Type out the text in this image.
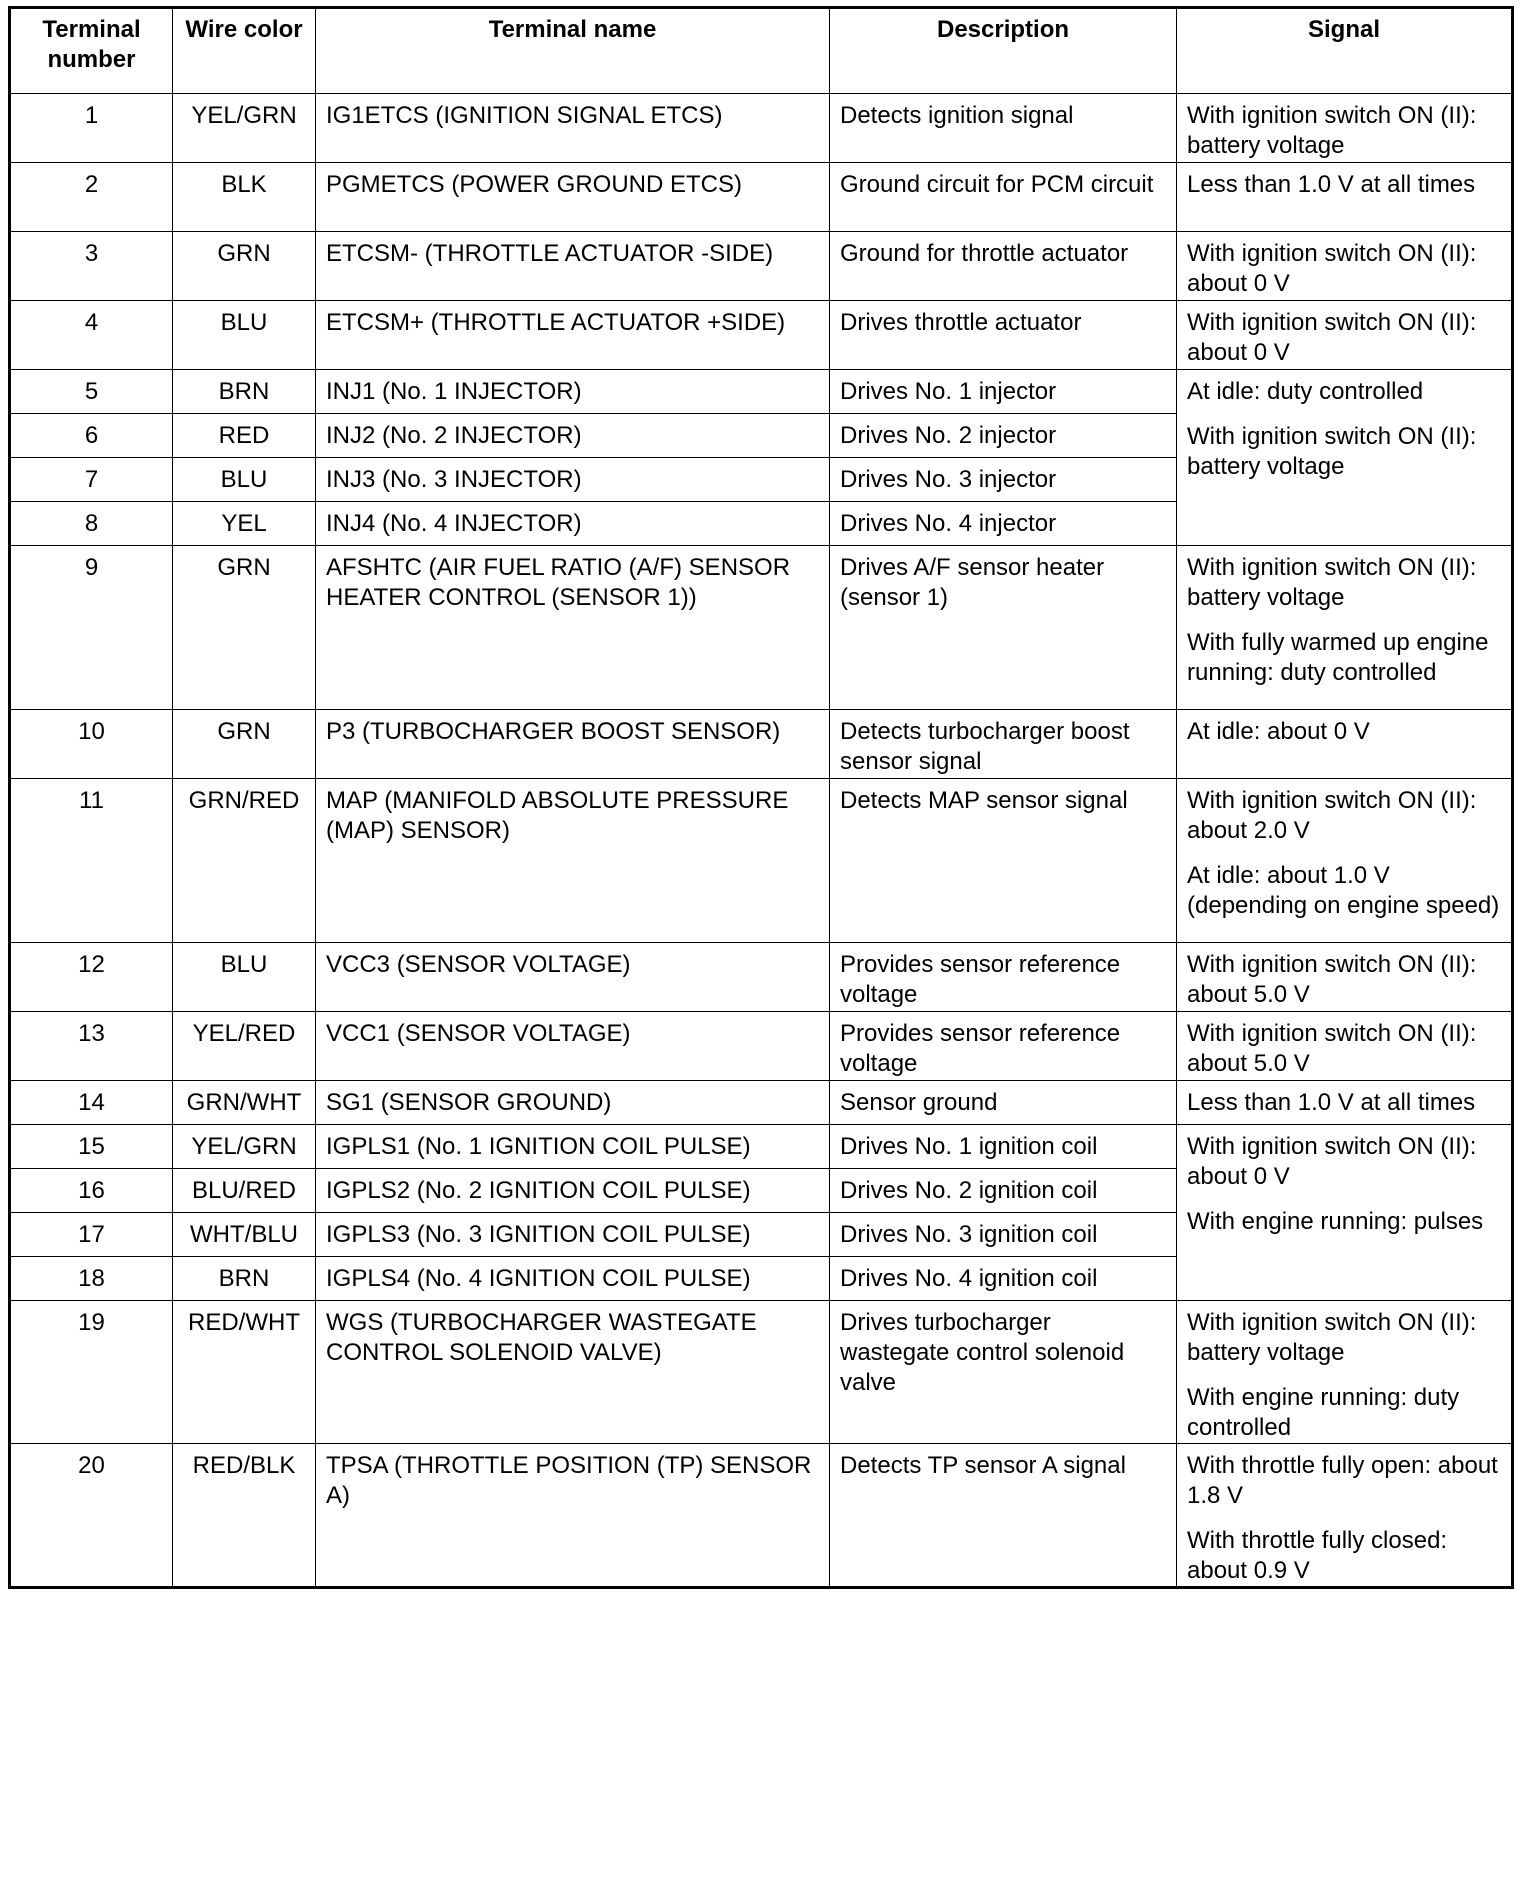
Terminal number	Wire color	Terminal name	Description	Signal
1	YEL/GRN	IG1ETCS (IGNITION SIGNAL ETCS)	Detects ignition signal	With ignition switch ON (II): battery voltage

2	BLK	PGMETCS (POWER GROUND ETCS)	Ground circuit for PCM circuit	Less than 1.0 V at all times

3	GRN	ETCSM- (THROTTLE ACTUATOR -SIDE)	Ground for throttle actuator	With ignition switch ON (II): about 0 V

4	BLU	ETCSM+ (THROTTLE ACTUATOR +SIDE)	Drives throttle actuator	With ignition switch ON (II): about 0 V

5	BRN	INJ1 (No. 1 INJECTOR)	Drives No. 1 injector	At idle: duty controlled
With ignition switch ON (II): battery voltage

6	RED	INJ2 (No. 2 INJECTOR)	Drives No. 2 injector	
7	BLU	INJ3 (No. 3 INJECTOR)	Drives No. 3 injector	
8	YEL	INJ4 (No. 4 INJECTOR)	Drives No. 4 injector	
9	GRN	AFSHTC (AIR FUEL RATIO (A/F) SENSOR HEATER CONTROL (SENSOR 1))	Drives A/F sensor heater (sensor 1)	With ignition switch ON (II): battery voltage
With fully warmed up engine running: duty controlled

10	GRN	P3 (TURBOCHARGER BOOST SENSOR)	Detects turbocharger boost sensor signal	At idle: about 0 V

11	GRN/RED	MAP (MANIFOLD ABSOLUTE PRESSURE (MAP) SENSOR)	Detects MAP sensor signal	With ignition switch ON (II): about 2.0 V
At idle: about 1.0 V (depending on engine speed)

12	BLU	VCC3 (SENSOR VOLTAGE)	Provides sensor reference voltage	With ignition switch ON (II): about 5.0 V

13	YEL/RED	VCC1 (SENSOR VOLTAGE)	Provides sensor reference voltage	With ignition switch ON (II): about 5.0 V

14	GRN/WHT	SG1 (SENSOR GROUND)	Sensor ground	Less than 1.0 V at all times

15	YEL/GRN	IGPLS1 (No. 1 IGNITION COIL PULSE)	Drives No. 1 ignition coil	With ignition switch ON (II): about 0 V
With engine running: pulses

16	BLU/RED	IGPLS2 (No. 2 IGNITION COIL PULSE)	Drives No. 2 ignition coil	
17	WHT/BLU	IGPLS3 (No. 3 IGNITION COIL PULSE)	Drives No. 3 ignition coil	
18	BRN	IGPLS4 (No. 4 IGNITION COIL PULSE)	Drives No. 4 ignition coil	
19	RED/WHT	WGS (TURBOCHARGER WASTEGATE CONTROL SOLENOID VALVE)	Drives turbocharger wastegate control solenoid valve	With ignition switch ON (II): battery voltage
With engine running: duty controlled

20	RED/BLK	TPSA (THROTTLE POSITION (TP) SENSOR A)	Detects TP sensor A signal	With throttle fully open: about 1.8 V
With throttle fully closed: about 0.9 V
